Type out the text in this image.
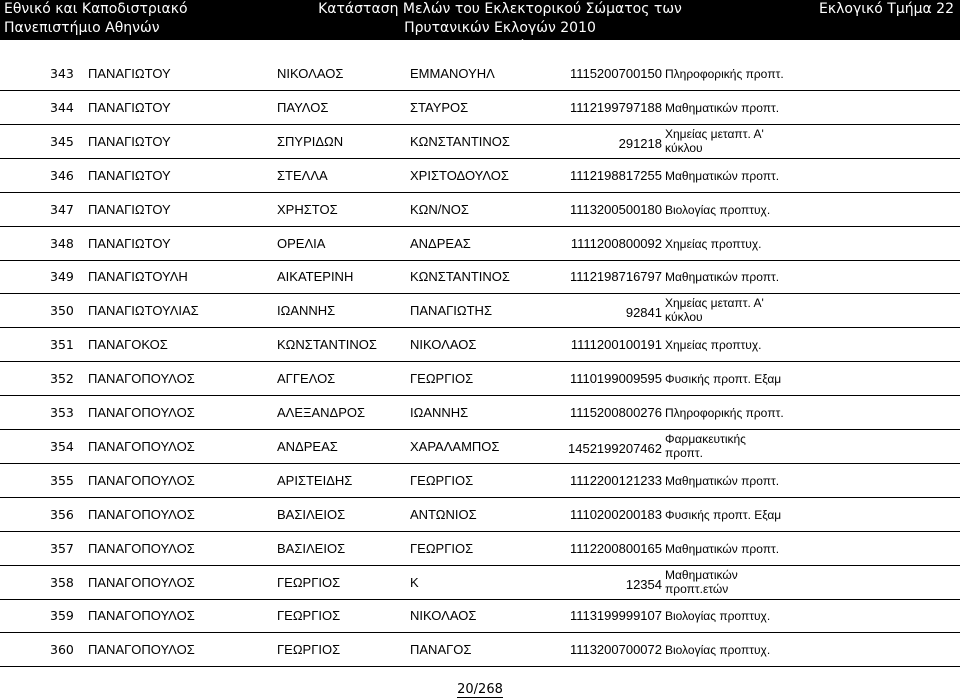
Εθνικό και Καποδιστριακό
Πανεπιστήμιο Αθηνών
Κατάσταση Μελών του Εκλεκτορικού Σώματος των Πρυτανικών Εκλογών 2010
Φοιτητών
Εκλογικό Τμήμα 22
343 ΠΑΝΑΓΙΩΤΟΥ	ΝΙΚΟΛΑΟΣ	ΕΜΜΑΝΟΥΗΛ	1115200700150 Πληροφορικής πρoπτ.
344 ΠΑΝΑΓΙΩΤΟΥ	ΠΑΥΛΟΣ	ΣΤΑΥΡΟΣ	1112199797188 Μαθηματικών προπτ.
345 ΠΑΝΑΓΙΩΤΟΥ	ΣΠΥΡΙΔΩΝ	ΚΩΝΣΤΑΝΤΙΝΟΣ	291218
Χημείας μεταπτ. Α'
κύκλου
346 ΠΑΝΑΓΙΩΤΟΥ	ΣΤΕΛΛΑ	ΧΡΙΣΤΟΔΟΥΛΟΣ	1112198817255 Μαθηματικών προπτ.
347 ΠΑΝΑΓΙΩΤΟΥ	ΧΡΗΣΤΟΣ	ΚΩΝ/ΝΟΣ	1113200500180 Βιολογίας προπτυχ.
348 ΠΑΝΑΓΙΩΤΟΥ	ΟΡΕΛΙΑ	ΑΝΔΡΕΑΣ	1111200800092 Χημείας προπτυχ.
349 ΠΑΝΑΓΙΩΤΟΥΛΗ	ΑΙΚΑΤΕΡΙΝΗ	ΚΩΝΣΤΑΝΤΙΝΟΣ	1112198716797 Μαθηματικών προπτ.
350 ΠΑΝΑΓΙΩΤΟΥΛΙΑΣ	ΙΩΑΝΝΗΣ	ΠΑΝΑΓΙΩΤΗΣ	92841
Χημείας μεταπτ. Α'
κύκλου
351 ΠΑΝΑΓΟΚΟΣ	ΚΩΝΣΤΑΝΤΙΝΟΣ	ΝΙΚΟΛΑΟΣ	1111200100191 Χημείας προπτυχ.
352 ΠΑΝΑΓΟΠΟΥΛΟΣ	ΑΓΓΕΛΟΣ	ΓΕΩΡΓΙΟΣ	1110199009595 Φυσικής προπτ. Εξαμ
353 ΠΑΝΑΓΟΠΟΥΛΟΣ	ΑΛΕΞΑΝΔΡΟΣ	ΙΩΑΝΝΗΣ	1115200800276 Πληροφορικής πρoπτ.
354 ΠΑΝΑΓΟΠΟΥΛΟΣ	ΑΝΔΡΕΑΣ	ΧΑΡΑΛΑΜΠΟΣ	1452199207462
Φαρμακευτικής
προπτ.
355 ΠΑΝΑΓΟΠΟΥΛΟΣ	ΑΡΙΣΤΕΙΔΗΣ	ΓΕΩΡΓΙΟΣ	1112200121233 Μαθηματικών προπτ.
356 ΠΑΝΑΓΟΠΟΥΛΟΣ	ΒΑΣΙΛΕΙΟΣ	ΑΝΤΩΝΙΟΣ	1110200200183 Φυσικής προπτ. Εξαμ
357 ΠΑΝΑΓΟΠΟΥΛΟΣ	ΒΑΣΙΛΕΙΟΣ	ΓΕΩΡΓΙΟΣ	1112200800165 Μαθηματικών προπτ.
358 ΠΑΝΑΓΟΠΟΥΛΟΣ	ΓΕΩΡΓΙΟΣ	Κ	12354
Μαθηματικών
προπτ.ετών
359 ΠΑΝΑΓΟΠΟΥΛΟΣ	ΓΕΩΡΓΙΟΣ	ΝΙΚΟΛΑΟΣ	1113199999107 Βιολογίας προπτυχ.
360 ΠΑΝΑΓΟΠΟΥΛΟΣ	ΓΕΩΡΓΙΟΣ	ΠΑΝΑΓΟΣ	1113200700072 Βιολογίας προπτυχ.
20/268
